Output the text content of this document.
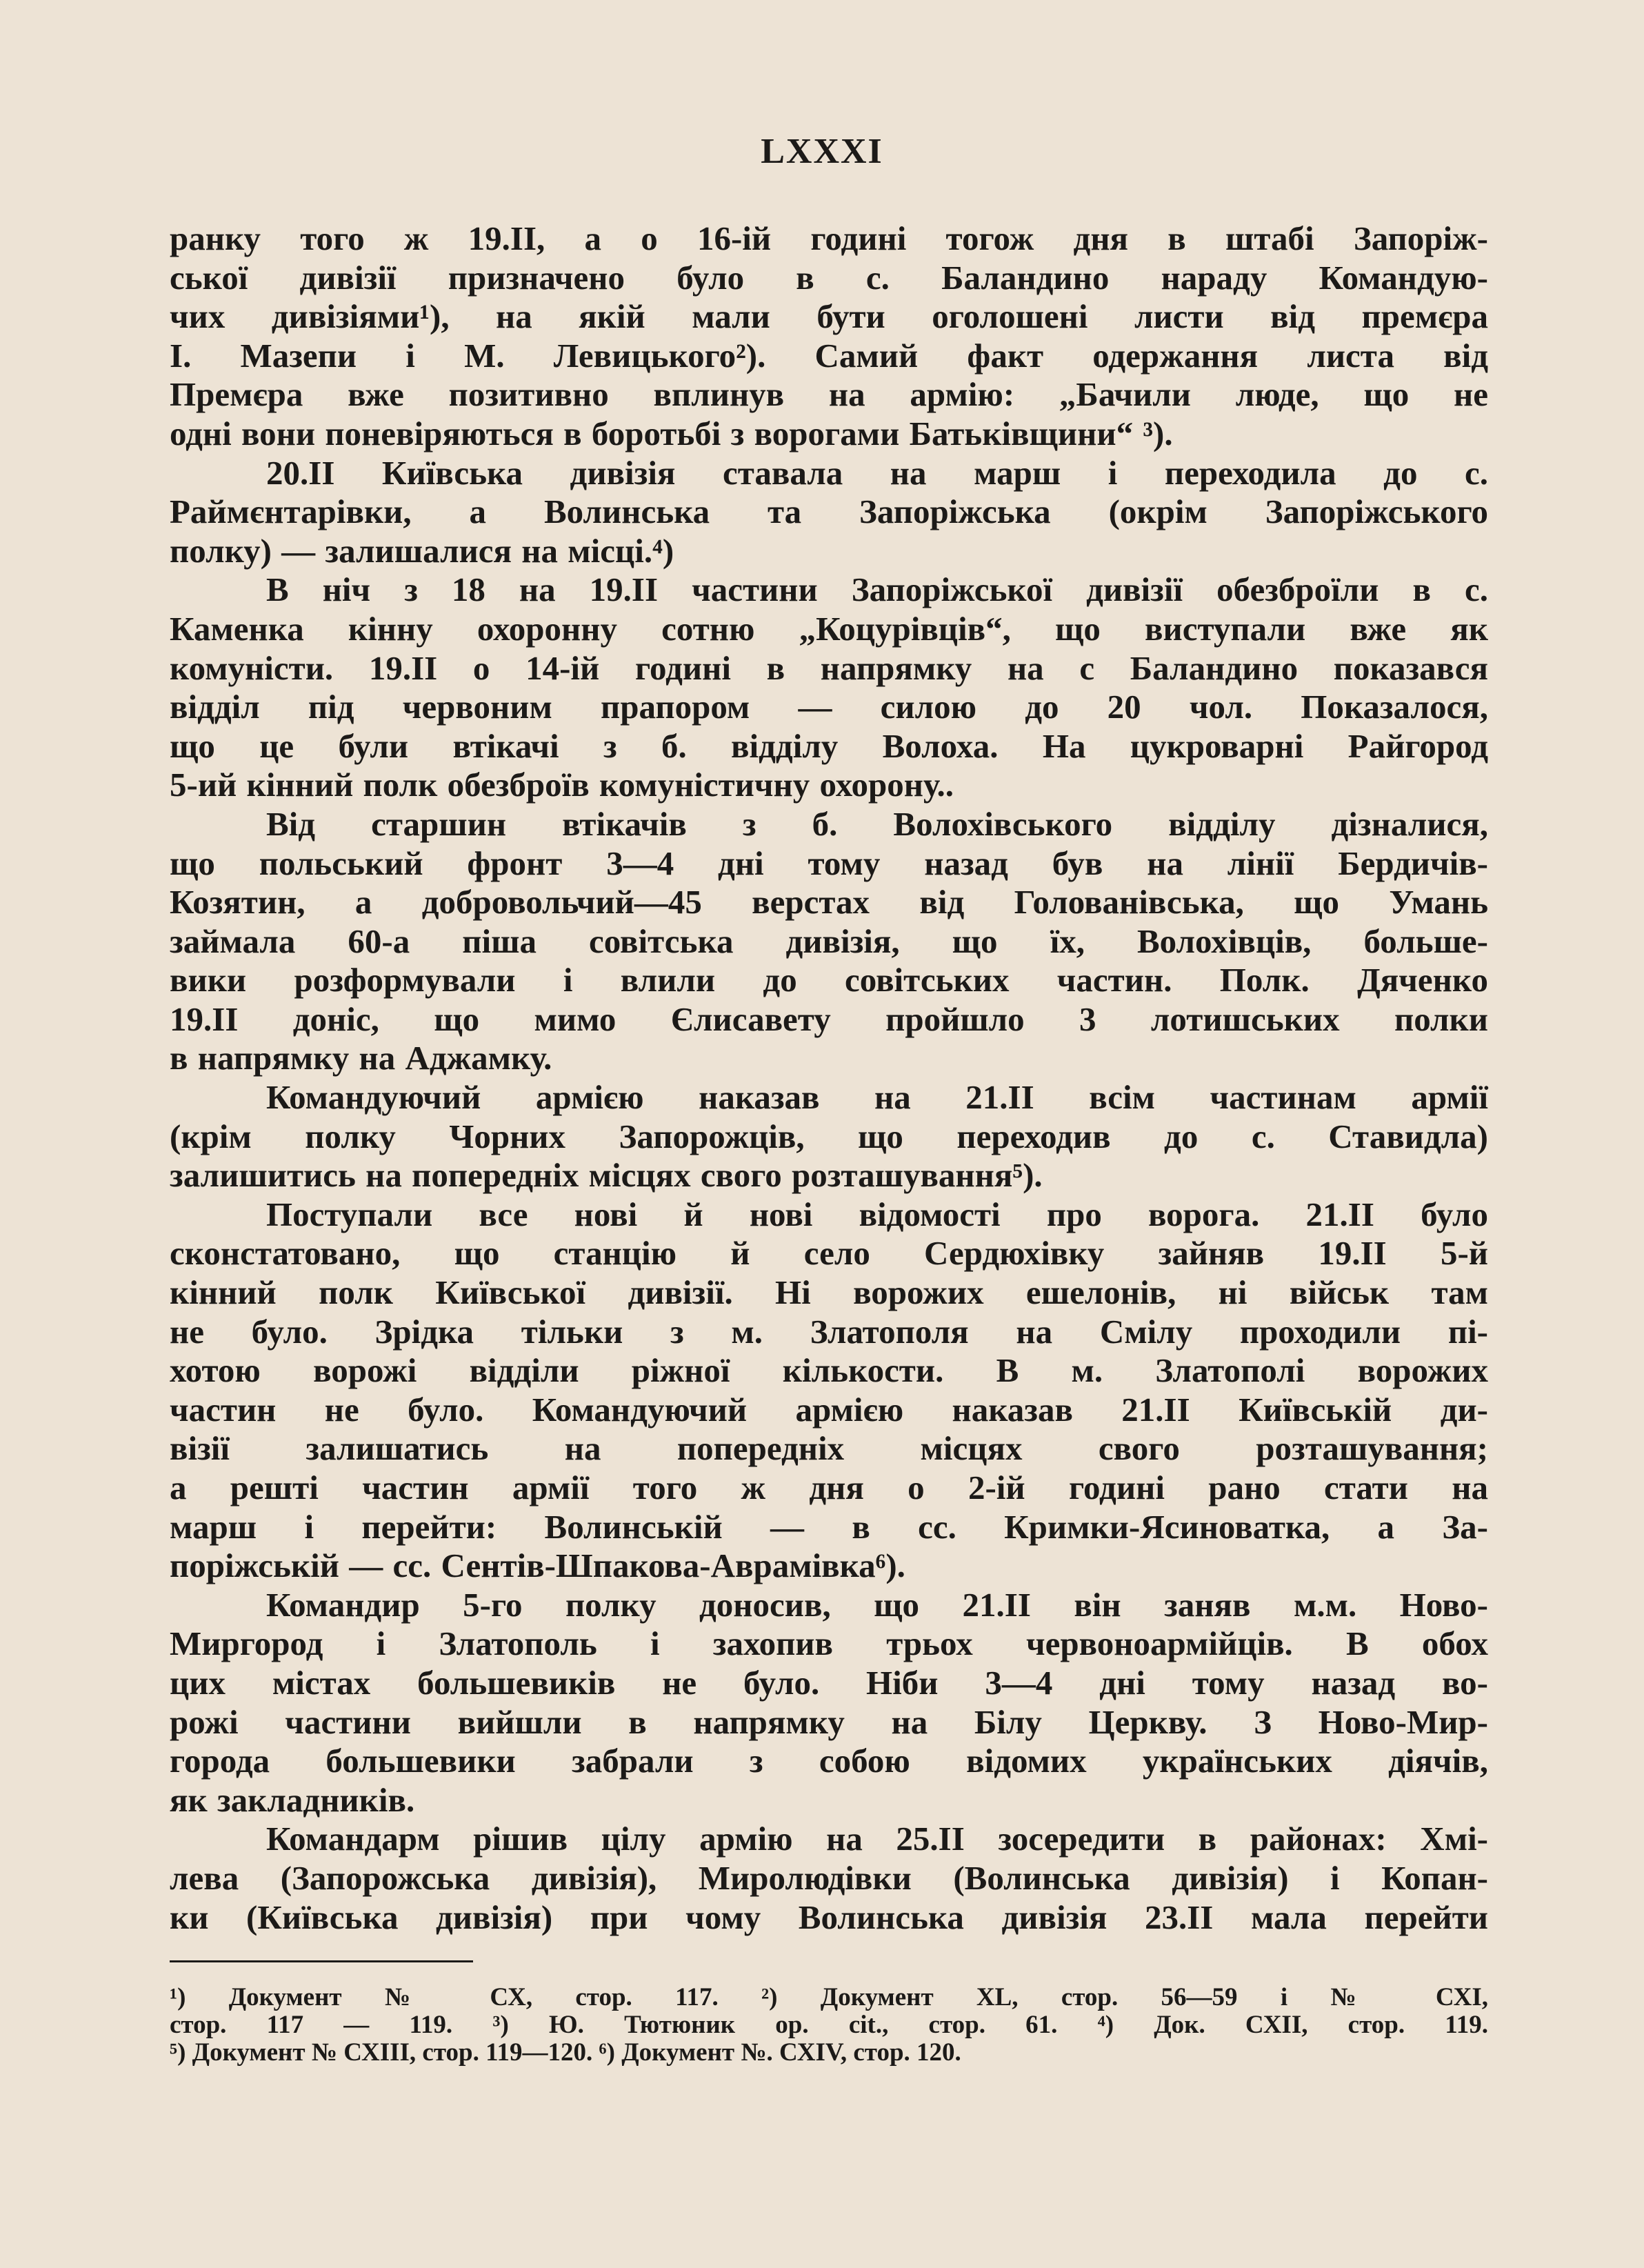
LXXXI

ранку того ж 19.ІІ, а о 16-ій годині тогож дня в штабі Запоріж-

ської дивізії призначено було в с. Баландино нараду Командую-

чих дивізіями¹), на якій мали бути оголошені листи від премєра

І. Мазепи і М. Левицького²). Самий факт одержання листа від

Премєра вже позитивно вплинув на армію: „Бачили люде, що не

одні вони поневіряються в боротьбі з ворогами Батьківщини“ ³).

20.ІІ Київська дивізія ставала на марш і переходила до с.

Раймєнтарівки, а Волинська та Запоріжська (окрім Запоріжського

полку) — залишалися на місці.⁴)

В ніч з 18 на 19.ІІ частини Запоріжської дивізії обезброїли в с.

Каменка кінну охоронну сотню „Коцурівців“, що виступали вже як

комуністи. 19.ІІ о 14-ій годині в напрямку на с Баландино показався

відділ під червоним прапором — силою до 20 чол. Показалося,

що це були втікачі з б. відділу Волоха. На цукроварні Райгород

5-ий кінний полк обезброїв комуністичну охорону..

Від старшин втікачів з б. Волохівського відділу дізналися,

що польський фронт 3—4 дні тому назад був на лінії Бердичів-

Козятин, а добровольчий—45 верстах від Голованівська, що Умань

займала 60-а піша совітська дивізія, що їх, Волохівців, больше-

вики розформували і влили до совітських частин. Полк. Дяченко

19.ІІ доніс, що мимо Єлисавету пройшло 3 лотишських полки

в напрямку на Аджамку.

Командуючий армією наказав на 21.ІІ всім частинам армії

(крім полку Чорних Запорожців, що переходив до с. Ставидла)

залишитись на попередніх місцях свого розташування⁵).

Поступали все нові й нові відомості про ворога. 21.ІІ було

сконстатовано, що станцію й село Сердюхівку зайняв 19.ІІ 5-й

кінний полк Київської дивізії. Ні ворожих ешелонів, ні військ там

не було. Зрідка тільки з м. Златополя на Смілу проходили пі-

хотою ворожі відділи ріжної кількости. В м. Златополі ворожих

частин не було. Командуючий армією наказав 21.ІІ Київській ди-

візії залишатись на попередніх місцях свого розташування;

а решті частин армії того ж дня о 2-ій годині рано стати на

марш і перейти: Волинській — в сс. Кримки-Ясиноватка, а За-

поріжській — сс. Сентів-Шпакова-Аврамівка⁶).

Командир 5-го полку доносив, що 21.ІІ він заняв м.м. Ново-

Миргород і Златополь і захопив трьох червоноармійців. В обох

цих містах большевиків не було. Ніби 3—4 дні тому назад во-

рожі частини вийшли в напрямку на Білу Церкву. З Ново-Мир-

города большевики забрали з собою відомих українських діячів,

як закладників.

Командарм рішив цілу армію на 25.ІІ зосередити в районах: Хмі-

лева (Запорожська дивізія), Миролюдівки (Волинська дивізія) і Копан-

ки (Київська дивізія) при чому Волинська дивізія 23.ІІ мала перейти

¹) Документ № СХ, стор. 117. ²) Документ XL, стор. 56—59 і № СХІ,

стор. 117 — 119. ³) Ю. Тютюник op. cit., стор. 61. ⁴) Док. СХІІ, стор. 119.

⁵) Документ № СХІІІ, стор. 119—120. ⁶) Документ №. СХІV, стор. 120.
